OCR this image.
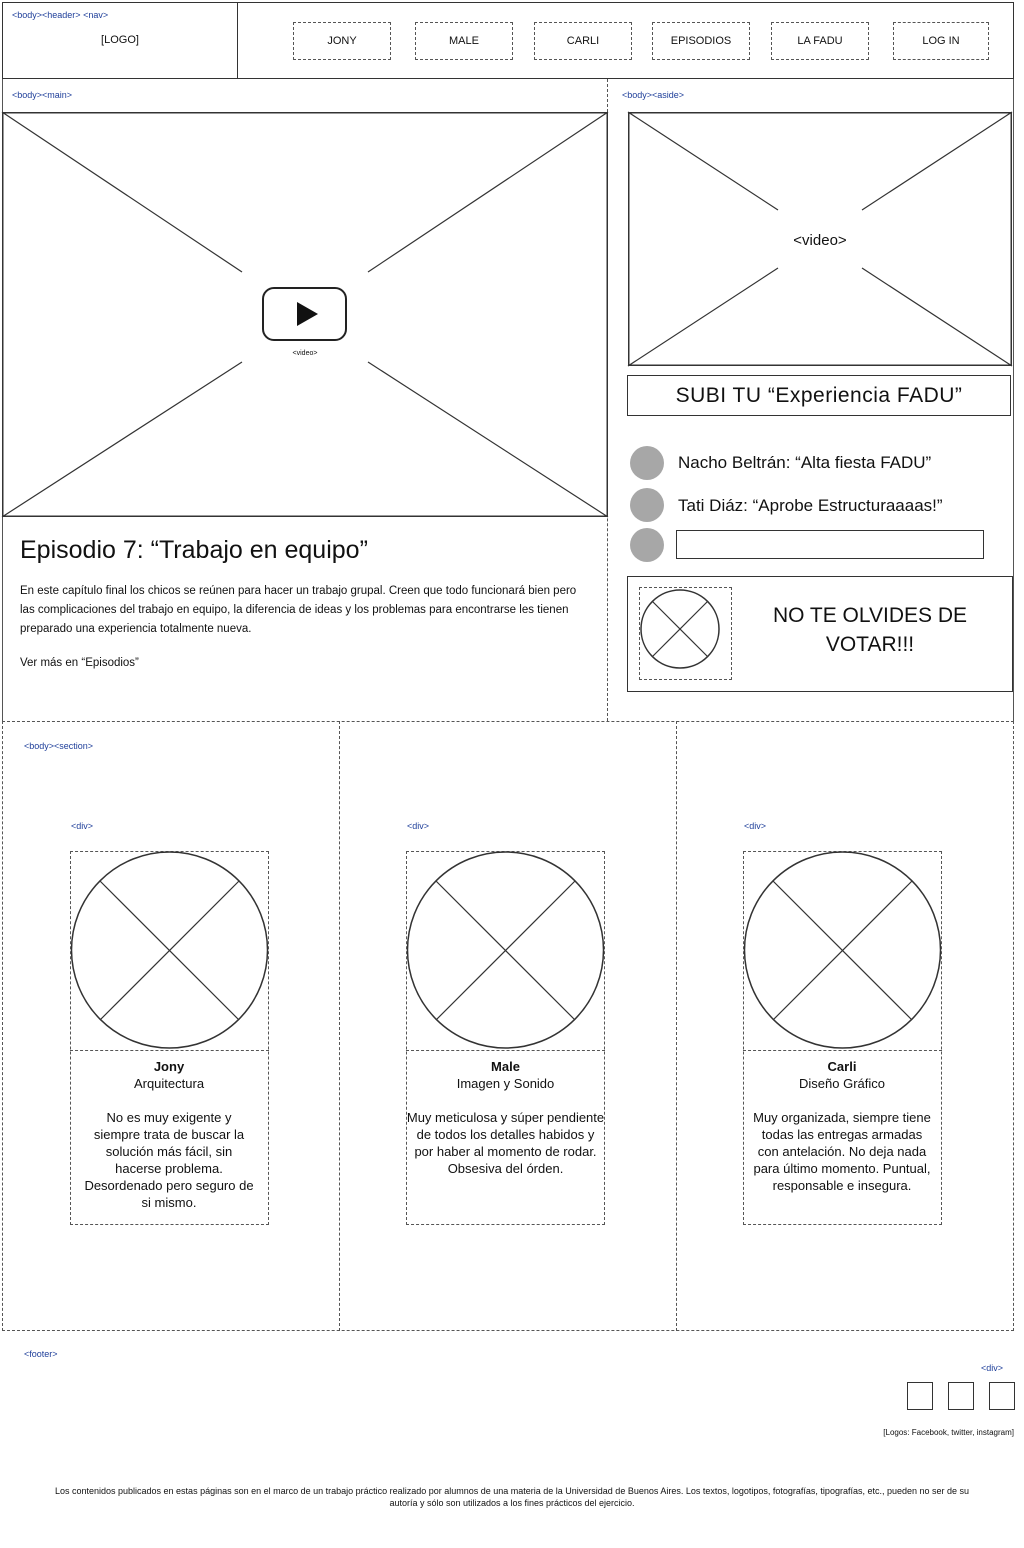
<body><header> <nav>
[LOGO]	JONY	MALE	CARLI	EPISODIOS	LA FADU	LOG IN
<body><main>
<video>
Episodio 7: “Trabajo en equipo”
En este capítulo final los chicos se reúnen para hacer un trabajo grupal. Creen que todo funcionará bien pero las complicaciones del trabajo en equipo, la diferencia de ideas y los problemas para encontrarse les tienen preparado una experiencia totalmente nueva.
Ver más en “Episodios”
<body><aside>
<video>
SUBI TU “Experiencia FADU”
Nacho Beltrán: “Alta fiesta FADU”
Tati Diáz: “Aprobe Estructuraaaas!”
NO TE OLVIDES DE VOTAR!!!
<body><section>
<div>
Jony
Arquitectura
No es muy exigente y siempre trata de buscar la solución más fácil, sin hacerse problema. Desordenado pero seguro de si mismo.
<div>
Male
Imagen y Sonido
Muy meticulosa y súper pendiente de todos los detalles habidos y por haber al momento de rodar. Obsesiva del órden.
<div>
Carli
Diseño Gráfico
Muy organizada, siempre tiene todas las entregas armadas con antelación. No deja nada para último momento. Puntual, responsable e insegura.
<footer>
<div>
[Logos: Facebook, twitter, instagram]
Los contenidos publicados en estas páginas son en el marco de un trabajo práctico realizado por alumnos de una materia de la Universidad de Buenos Aires. Los textos, logotipos, fotografías, tipografías, etc., pueden no ser de su autoría y sólo son utilizados a los fines prácticos del ejercicio.
